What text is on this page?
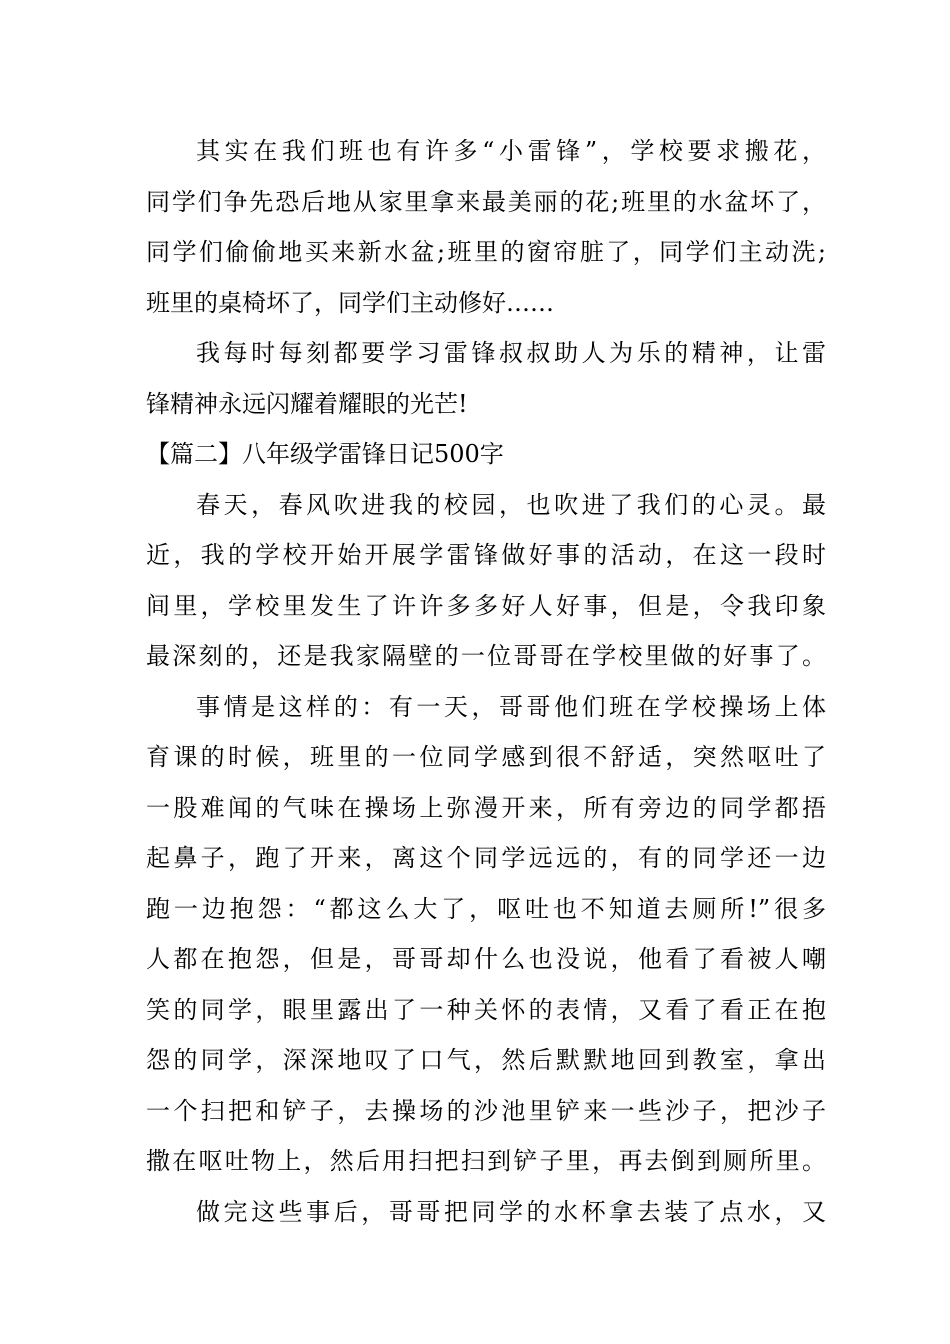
其实在我们班也有许多“小雷锋”，学校要求搬花，
同学们争先恐后地从家里拿来最美丽的花;班里的水盆坏了，
同学们偷偷地买来新水盆;班里的窗帘脏了，同学们主动洗;
班里的桌椅坏了，同学们主动修好……
我每时每刻都要学习雷锋叔叔助人为乐的精神，让雷
锋精神永远闪耀着耀眼的光芒!
【篇二】八年级学雷锋日记500字
春天，春风吹进我的校园，也吹进了我们的心灵。最
近，我的学校开始开展学雷锋做好事的活动，在这一段时
间里，学校里发生了许许多多好人好事，但是，令我印象
最深刻的，还是我家隔壁的一位哥哥在学校里做的好事了。
事情是这样的：有一天，哥哥他们班在学校操场上体
育课的时候，班里的一位同学感到很不舒适，突然呕吐了
一股难闻的气味在操场上弥漫开来，所有旁边的同学都捂
起鼻子，跑了开来，离这个同学远远的，有的同学还一边
跑一边抱怨：“都这么大了，呕吐也不知道去厕所!”很多
人都在抱怨，但是，哥哥却什么也没说，他看了看被人嘲
笑的同学，眼里露出了一种关怀的表情，又看了看正在抱
怨的同学，深深地叹了口气，然后默默地回到教室，拿出
一个扫把和铲子，去操场的沙池里铲来一些沙子，把沙子
撒在呕吐物上，然后用扫把扫到铲子里，再去倒到厕所里。
做完这些事后，哥哥把同学的水杯拿去装了点水，又
